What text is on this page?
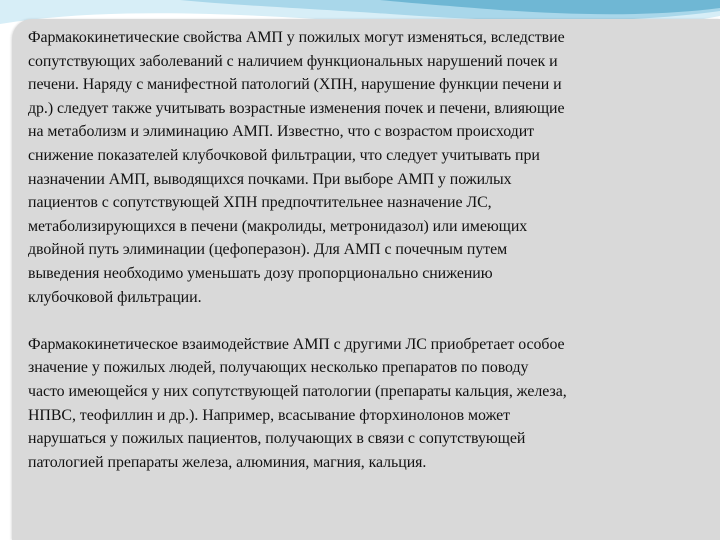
Фармакокинетические свойства АМП у пожилых могут изменяться, вследствие
сопутствующих заболеваний с наличием функциональных нарушений почек и
печени. Наряду с манифестной патологий (ХПН, нарушение функции печени и
др.) следует также учитывать возрастные изменения почек и печени, влияющие
на метаболизм и элиминацию АМП. Известно, что с возрастом происходит
снижение показателей клубочковой фильтрации, что следует учитывать при
назначении АМП, выводящихся почками. При выборе АМП у пожилых
пациентов с сопутствующей ХПН предпочтительнее назначение ЛС,
метаболизирующихся в печени (макролиды, метронидазол) или имеющих
двойной путь элиминации (цефоперазон). Для АМП с почечным путем
выведения необходимо уменьшать дозу пропорционально снижению
клубочковой фильтрации.
Фармакокинетическое взаимодействие АМП с другими ЛС приобретает особое
значение у пожилых людей, получающих несколько препаратов по поводу
часто имеющейся у них сопутствующей патологии (препараты кальция, железа,
НПВС, теофиллин и др.). Например, всасывание фторхинолонов может
нарушаться у пожилых пациентов, получающих в связи с сопутствующей
патологией препараты железа, алюминия, магния, кальция.
